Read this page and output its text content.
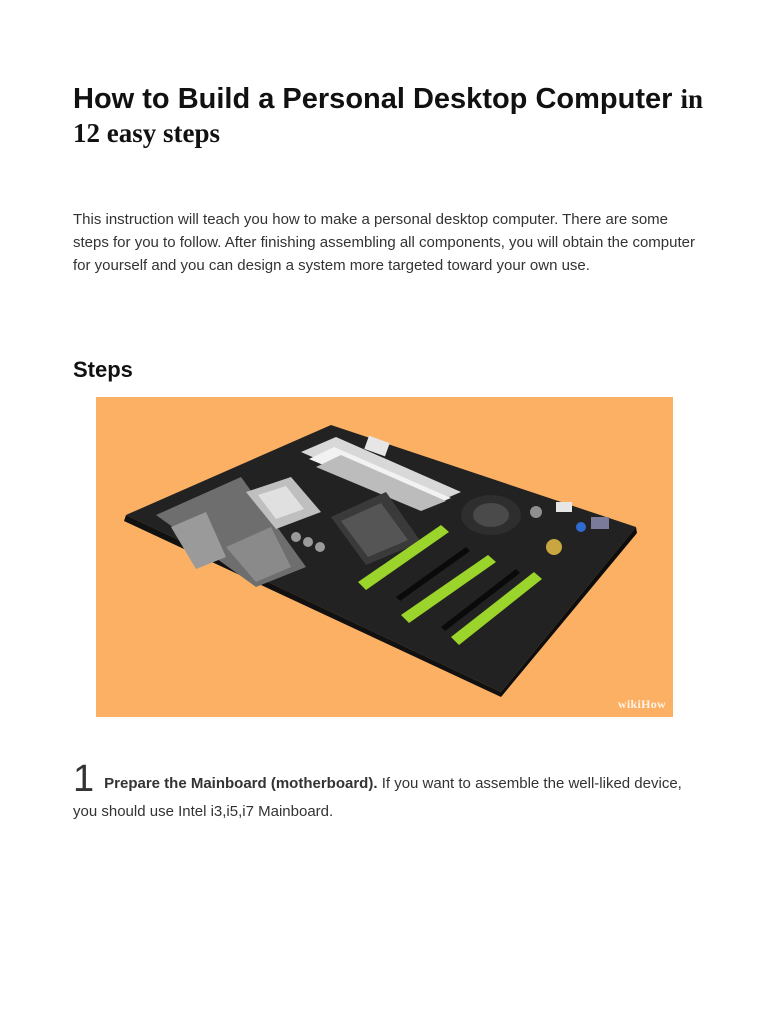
How to Build a Personal Desktop Computer in 12 easy steps

This instruction will teach you how to make a personal desktop computer. There are some steps for you to follow. After finishing assembling all components, you will obtain the computer for yourself and you can design a system more targeted toward your own use.

Steps
wikiHow
1 Prepare the Mainboard (motherboard). If you want to assemble the well-liked device, you should use Intel i3,i5,i7 Mainboard.
